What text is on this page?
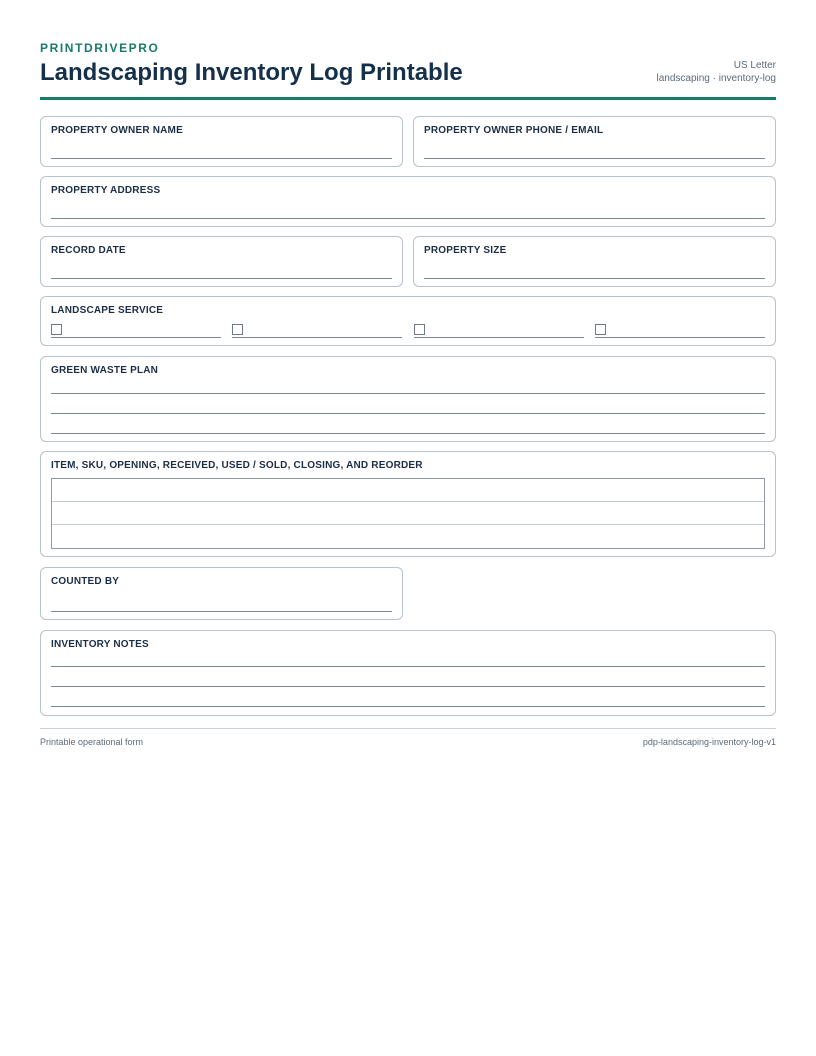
PRINTDRIVEPRO
Landscaping Inventory Log Printable	US Letter
landscaping · inventory-log
PROPERTY OWNER NAME	PROPERTY OWNER PHONE / EMAIL
PROPERTY ADDRESS
RECORD DATE	PROPERTY SIZE
LANDSCAPE SERVICE
GREEN WASTE PLAN
ITEM, SKU, OPENING, RECEIVED, USED / SOLD, CLOSING, AND REORDER
COUNTED BY
INVENTORY NOTES
Printable operational form	pdp-landscaping-inventory-log-v1
